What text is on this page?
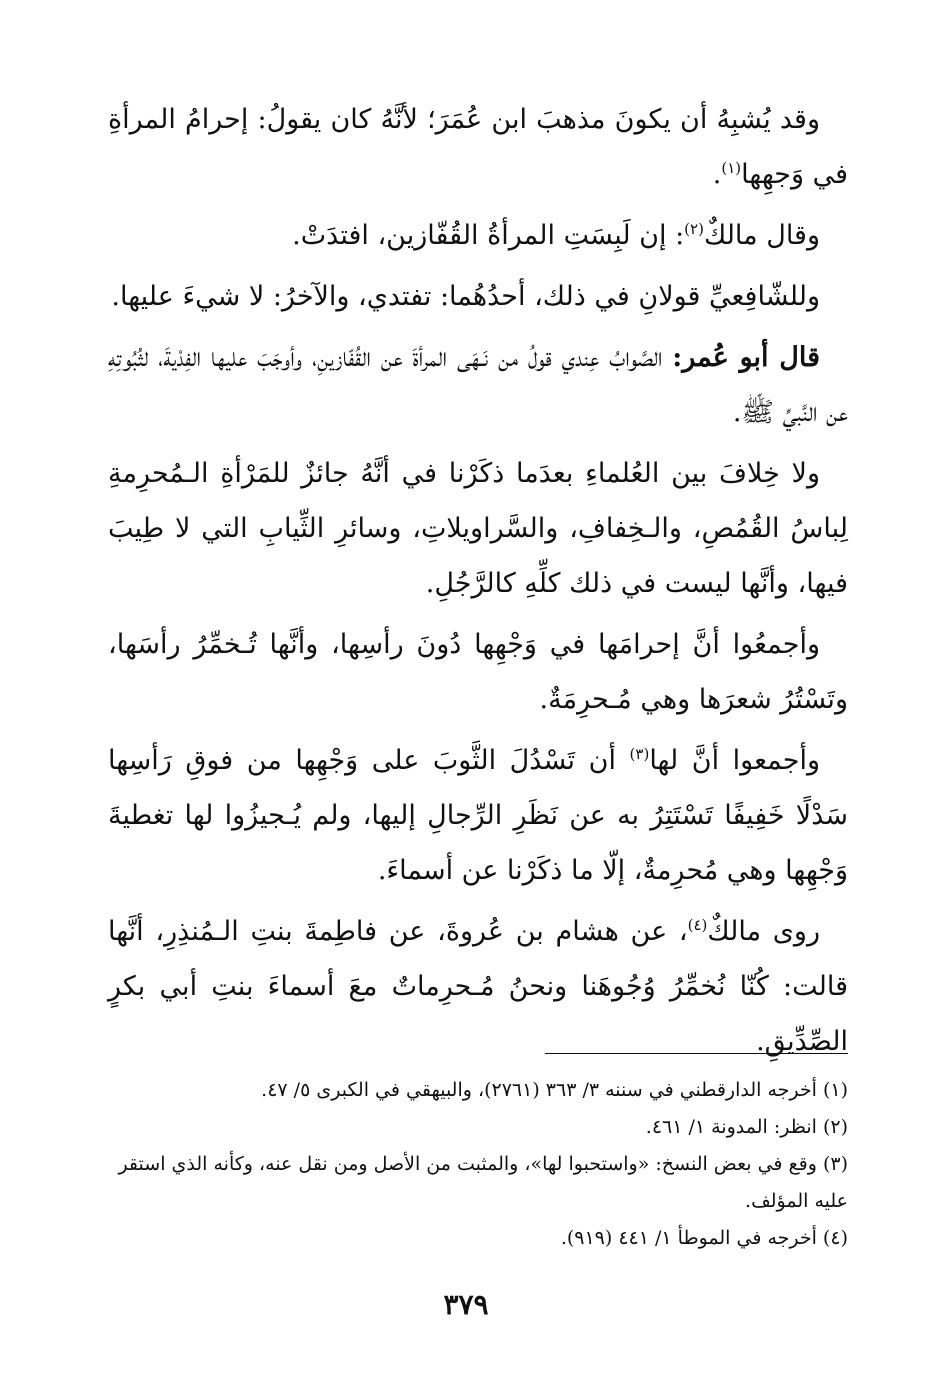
وقد يُشبِهُ أن يكونَ مذهبَ ابن عُمَرَ؛ لأنَّهُ كان يقولُ: إحرامُ المرأةِ في وَجهِها$^{(١)}$.

وقال مالكٌ$^{(٢)}$: إن لَبِسَتِ المرأةُ القُفّازين، افتدَتْ.

وللشّافِعيِّ قولانِ في ذلك، أحدُهُما: تفتدي، والآخرُ: لا شيءَ عليها.

قال أبو عُمر: الصَّوابُ عِندي قولُ من نَـهَى المرأةَ عن القُفّازينِ، وأوجَبَ عليها الفِدْيةَ، لثُبُوتِهِ عن النَّبيِّ ﷺ.

ولا خِلافَ بين العُلماءِ بعدَما ذكَرْنا في أنَّهُ جائزٌ للمَرْأةِ الـمُحرِمةِ لِباسُ القُمُصِ، والـخِفافِ، والسَّراويلاتِ، وسائرِ الثِّيابِ التي لا طِيبَ فيها، وأنَّها ليست في ذلك كلِّهِ كالرَّجُلِ.

وأجمعُوا أنَّ إحرامَها في وَجْهِها دُونَ رأسِها، وأنَّها تُـخمِّرُ رأسَها، وتَسْتُرُ شعرَها وهي مُـحرِمَةٌ.

وأجمعوا أنَّ لها$^{(٣)}$ أن تَسْدُلَ الثَّوبَ على وَجْهِها من فوقِ رَأسِها سَدْلًا خَفِيفًا تَسْتَتِرُ به عن نَظَرِ الرِّجالِ إليها، ولم يُـجيزُوا لها تغطيةَ وَجْهِها وهي مُحرِمةٌ، إلّا ما ذكَرْنا عن أسماءَ.

روى مالكٌ$^{(٤)}$، عن هشام بن عُروةَ، عن فاطِمةَ بنتِ الـمُنذِرِ، أنَّها قالت: كُنّا نُخمِّرُ وُجُوهَنا ونحنُ مُـحرِماتٌ معَ أسماءَ بنتِ أبي بكرٍ الصِّدِّيقِ.

(١) أخرجه الدارقطني في سننه ٣/ ٣٦٣ (٢٧٦١)، والبيهقي في الكبرى ٥/ ٤٧.

(٢) انظر: المدونة ١/ ٤٦١.

(٣) وقع في بعض النسخ: «واستحبوا لها»، والمثبت من الأصل ومن نقل عنه، وكأنه الذي استقر عليه المؤلف.

(٤) أخرجه في الموطأ ١/ ٤٤١ (٩١٩).

٣٧٩
